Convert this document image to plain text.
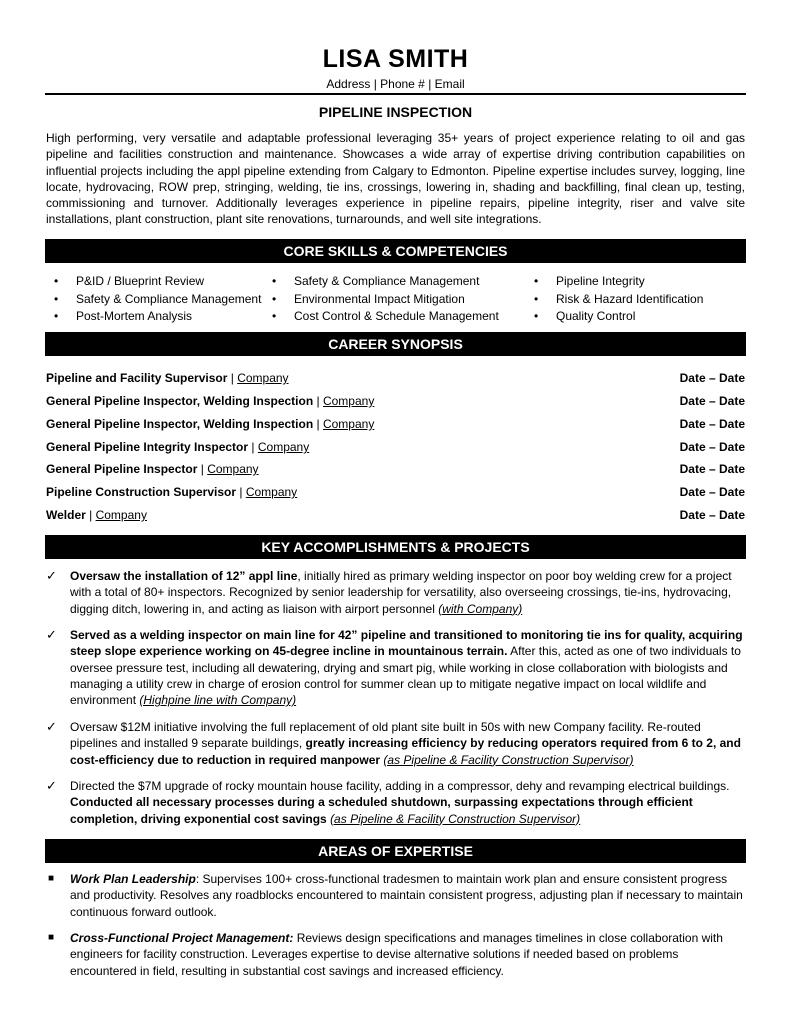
LISA SMITH
Address | Phone # | Email
PIPELINE INSPECTION

High performing, very versatile and adaptable professional leveraging 35+ years of project experience relating to oil and gas pipeline and facilities construction and maintenance. Showcases a wide array of expertise driving contribution capabilities on influential projects including the appl pipeline extending from Calgary to Edmonton. Pipeline expertise includes survey, logging, line locate, hydrovacing, ROW prep, stringing, welding, tie ins, crossings, lowering in, shading and backfilling, final clean up, testing, commissioning and turnover. Additionally leverages experience in pipeline repairs, pipeline integrity, riser and valve site installations, plant construction, plant site renovations, turnarounds, and well site integrations.

CORE SKILLS & COMPETENCIES
• P&ID / Blueprint Review
• Safety & Compliance Management
• Post-Mortem Analysis
• Safety & Compliance Management
• Environmental Impact Mitigation
• Cost Control & Schedule Management
• Pipeline Integrity
• Risk & Hazard Identification
• Quality Control
CAREER SYNOPSIS
Pipeline and Facility Supervisor | Company	Date – Date
General Pipeline Inspector, Welding Inspection | Company	Date – Date
General Pipeline Inspector, Welding Inspection | Company	Date – Date
General Pipeline Integrity Inspector | Company	Date – Date
General Pipeline Inspector | Company	Date – Date
Pipeline Construction Supervisor | Company	Date – Date
Welder | Company	Date – Date
KEY ACCOMPLISHMENTS & PROJECTS
✓ Oversaw the installation of 12” appl line, initially hired as primary welding inspector on poor boy welding crew for a project with a total of 80+ inspectors. Recognized by senior leadership for versatility, also overseeing crossings, tie-ins, hydrovacing, digging ditch, lowering in, and acting as liaison with airport personnel (with Company)
✓ Served as a welding inspector on main line for 42” pipeline and transitioned to monitoring tie ins for quality, acquiring steep slope experience working on 45-degree incline in mountainous terrain. After this, acted as one of two individuals to oversee pressure test, including all dewatering, drying and smart pig, while working in close collaboration with biologists and managing a utility crew in charge of erosion control for summer clean up to mitigate negative impact on local wildlife and environment (Highpine line with Company)
✓ Oversaw $12M initiative involving the full replacement of old plant site built in 50s with new Company facility. Re-routed pipelines and installed 9 separate buildings, greatly increasing efficiency by reducing operators required from 6 to 2, and cost-efficiency due to reduction in required manpower (as Pipeline & Facility Construction Supervisor)
✓ Directed the $7M upgrade of rocky mountain house facility, adding in a compressor, dehy and revamping electrical buildings. Conducted all necessary processes during a scheduled shutdown, surpassing expectations through efficient completion, driving exponential cost savings (as Pipeline & Facility Construction Supervisor)
AREAS OF EXPERTISE
■ Work Plan Leadership: Supervises 100+ cross-functional tradesmen to maintain work plan and ensure consistent progress and productivity. Resolves any roadblocks encountered to maintain consistent progress, adjusting plan if necessary to maintain continuous forward outlook.
■ Cross-Functional Project Management: Reviews design specifications and manages timelines in close collaboration with engineers for facility construction. Leverages expertise to devise alternative solutions if needed based on problems encountered in field, resulting in substantial cost savings and increased efficiency.
